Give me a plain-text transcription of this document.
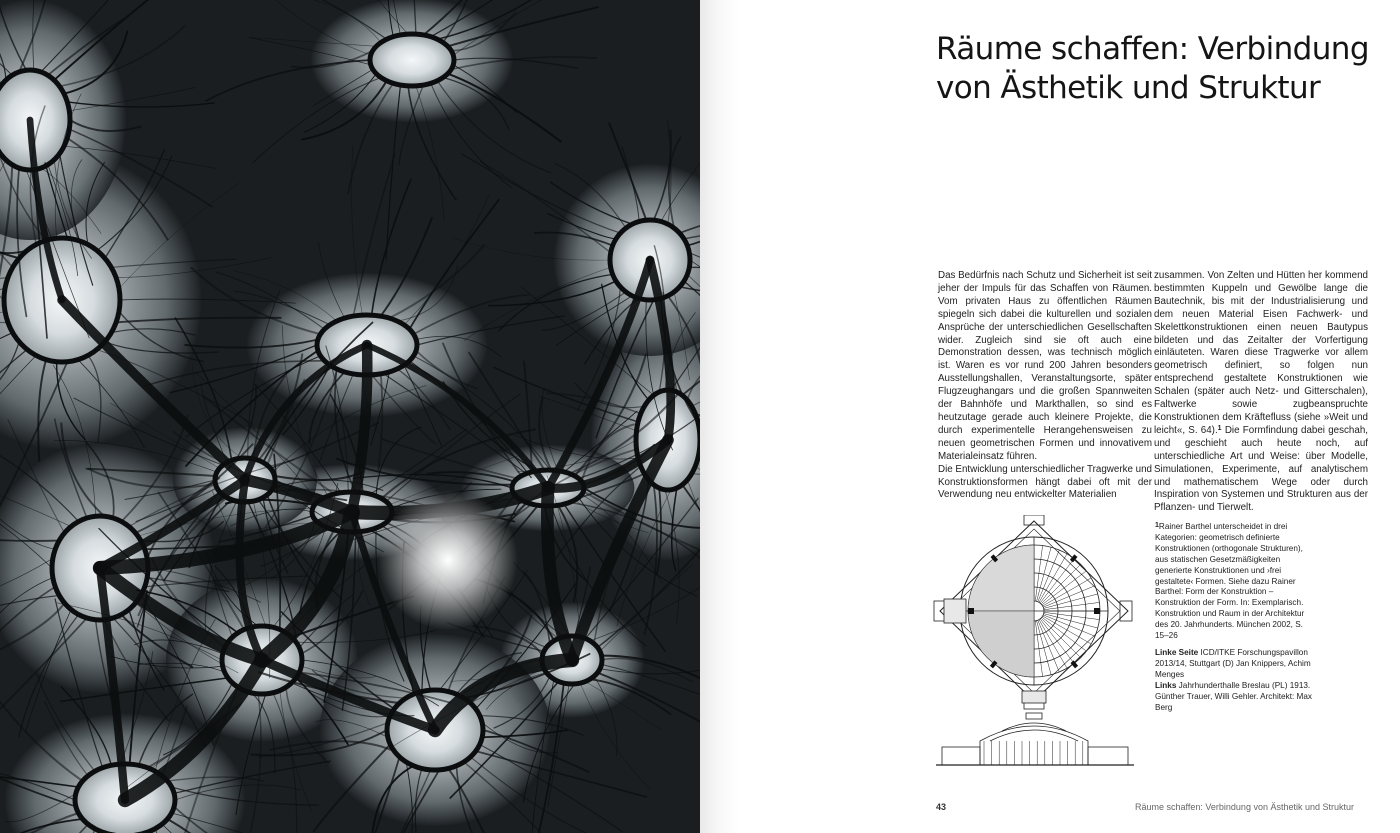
Räume schaffen: Verbindung
von Ästhetik und Struktur

Das Bedürfnis nach Schutz und Sicherheit ist seit jeher der Impuls für das Schaffen von Räumen. Vom privaten Haus zu öffentlichen Räumen spiegeln sich dabei die kulturellen und sozialen Ansprüche der unterschiedlichen Gesellschaften wider. Zugleich sind sie oft auch eine Demonstration dessen, was technisch möglich ist. Waren es vor rund 200 Jahren besonders Ausstellungshallen, Veranstaltungsorte, später Flugzeughangars und die großen Spannweiten der Bahnhöfe und Markthallen, so sind es heutzutage gerade auch kleinere Projekte, die durch experimentelle Herangehensweisen zu neuen geometrischen Formen und innovativem Materialeinsatz führen.

Die Entwicklung unterschiedlicher Tragwerke und Konstruktionsformen hängt dabei oft mit der Verwendung neu entwickelter Materialien

zusammen. Von Zelten und Hütten her kommend bestimmten Kuppeln und Gewölbe lange die Bautechnik, bis mit der Industrialisierung und dem neuen Material Eisen Fachwerk- und Skelettkonstruktionen einen neuen Bautypus bildeten und das Zeitalter der Vorfertigung einläuteten. Waren diese Tragwerke vor allem geometrisch definiert, so folgen nun entsprechend gestaltete Konstruktionen wie Schalen (später auch Netz- und Gitterschalen), Faltwerke sowie zugbeanspruchte Konstruktionen dem Kräftefluss (siehe »Weit und leicht«, S. 64).$^1$ Die Formfindung dabei geschah, und geschieht auch heute noch, auf unterschiedliche Art und Weise: über Modelle, Simulationen, Experimente, auf analytischem und mathematischem Wege oder durch Inspiration von Systemen und Strukturen aus der Pflanzen- und Tierwelt.

$^1$Rainer Barthel unterscheidet in drei Kategorien: geometrisch definierte Konstruktionen (orthogonale Strukturen), aus statischen Gesetzmäßigkeiten generierte Konstruktionen und ›frei gestaltete‹ Formen. Siehe dazu Rainer Barthel: Form der Konstruktion – Konstruktion der Form. In: Exemplarisch. Konstruktion und Raum in der Architektur des 20. Jahrhunderts. München 2002, S. 15–26

Linke Seite ICD/ITKE Forschungspavillon 2013/14, Stuttgart (D) Jan Knippers, Achim Menges
Links Jahrhunderthalle Breslau (PL) 1913. Günther Trauer, Willi Gehler. Architekt: Max Berg

43	Räume schaffen: Verbindung von Ästhetik und Struktur
